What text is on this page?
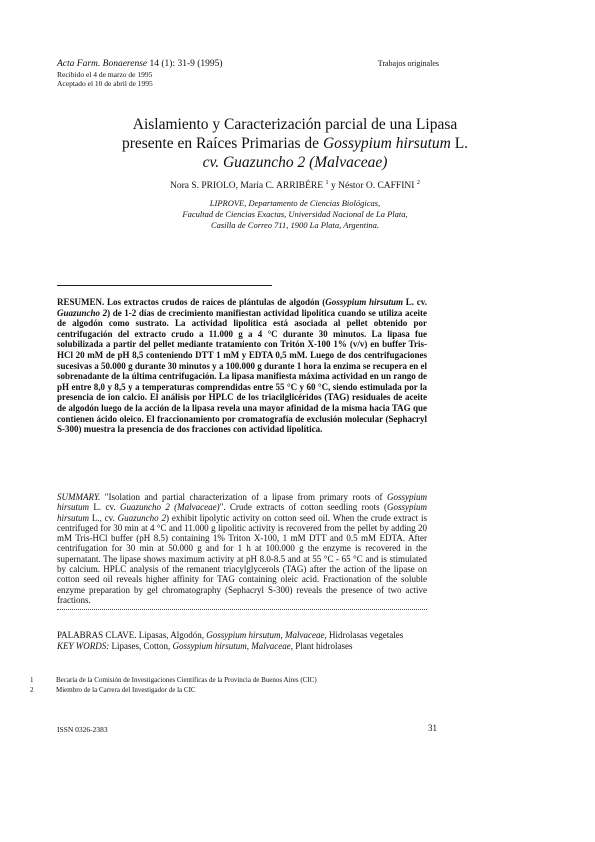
Acta Farm. Bonaerense 14 (1): 31-9 (1995)
Recibido el 4 de marzo de 1995
Aceptado el 10 de abril de 1995
Trabajos originales
Aislamiento y Caracterización parcial de una Lipasa
presente en Raíces Primarias de Gossypium hirsutum L.
cv. Guazuncho 2 (Malvaceae)
Nora S. PRIOLO, María C. ARRIBÉRE $^1$ y Néstor O. CAFFINI $^2$
LIPROVE, Departamento de Ciencias Biológicas,
Facultad de Ciencias Exactas, Universidad Nacional de La Plata,
Casilla de Correo 711, 1900 La Plata, Argentina.
RESUMEN. Los extractos crudos de raíces de plántulas de algodón (Gossypium hirsutum L. cv. Guazuncho 2) de 1-2 días de crecimiento manifiestan actividad lipolítica cuando se utiliza aceite de algodón como sustrato. La actividad lipolítica está asociada al pellet obtenido por centrifugación del extracto crudo a 11.000 g a 4 °C durante 30 minutos. La lipasa fue solubilizada a partir del pellet mediante tratamiento con Tritón X-100 1% (v/v) en buffer Tris-HCl 20 mM de pH 8,5 conteniendo DTT 1 mM y EDTA 0,5 mM. Luego de dos centrifugaciones sucesivas a 50.000 g durante 30 minutos y a 100.000 g durante 1 hora la enzima se recupera en el sobrenadante de la última centrifugación. La lipasa manifiesta máxima actividad en un rango de pH entre 8,0 y 8,5 y a temperaturas comprendidas entre 55 °C y 60 °C, siendo estimulada por la presencia de ion calcio. El análisis por HPLC de los triacilglicéridos (TAG) residuales de aceite de algodón luego de la acción de la lipasa revela una mayor afinidad de la misma hacia TAG que contienen ácido oleico. El fraccionamiento por cromatografía de exclusión molecular (Sephacryl S-300) muestra la presencia de dos fracciones con actividad lipolítica.
SUMMARY. "Isolation and partial characterization of a lipase from primary roots of Gossypium hirsutum L. cv. Guazuncho 2 (Malvaceae)". Crude extracts of cotton seedling roots (Gossypium hirsutum L., cv. Guazuncho 2) exhibit lipolytic activity on cotton seed oil. When the crude extract is centrifuged for 30 min at 4 °C and 11.000 g lipolitic activity is recovered from the pellet by adding 20 mM Tris-HCl buffer (pH 8.5) containing 1% Triton X-100, 1 mM DTT and 0.5 mM EDTA. After centrifugation for 30 min at 50.000 g and for 1 h at 100.000 g the enzyme is recovered in the supernatant. The lipase shows maximum activity at pH 8.0-8.5 and at 55 °C - 65 °C and is stimulated by calcium. HPLC analysis of the remanent triacylglycerols (TAG) after the action of the lipase on cotton seed oil reveals higher affinity for TAG containing oleic acid. Fractionation of the soluble enzyme preparation by gel chromatography (Sephacryl S-300) reveals the presence of two active fractions.
PALABRAS CLAVE. Lipasas, Algodón, Gossypium hirsutum, Malvaceae, Hidrolasas vegetales
KEY WORDS: Lipases, Cotton, Gossypium hirsutum, Malvaceae, Plant hidrolases
1	Becaria de la Comisión de Investigaciones Científicas de la Provincia de Buenos Aires (CIC)
2	Miembro de la Carrera del Investigador de la CIC
ISSN 0326-2383	31
